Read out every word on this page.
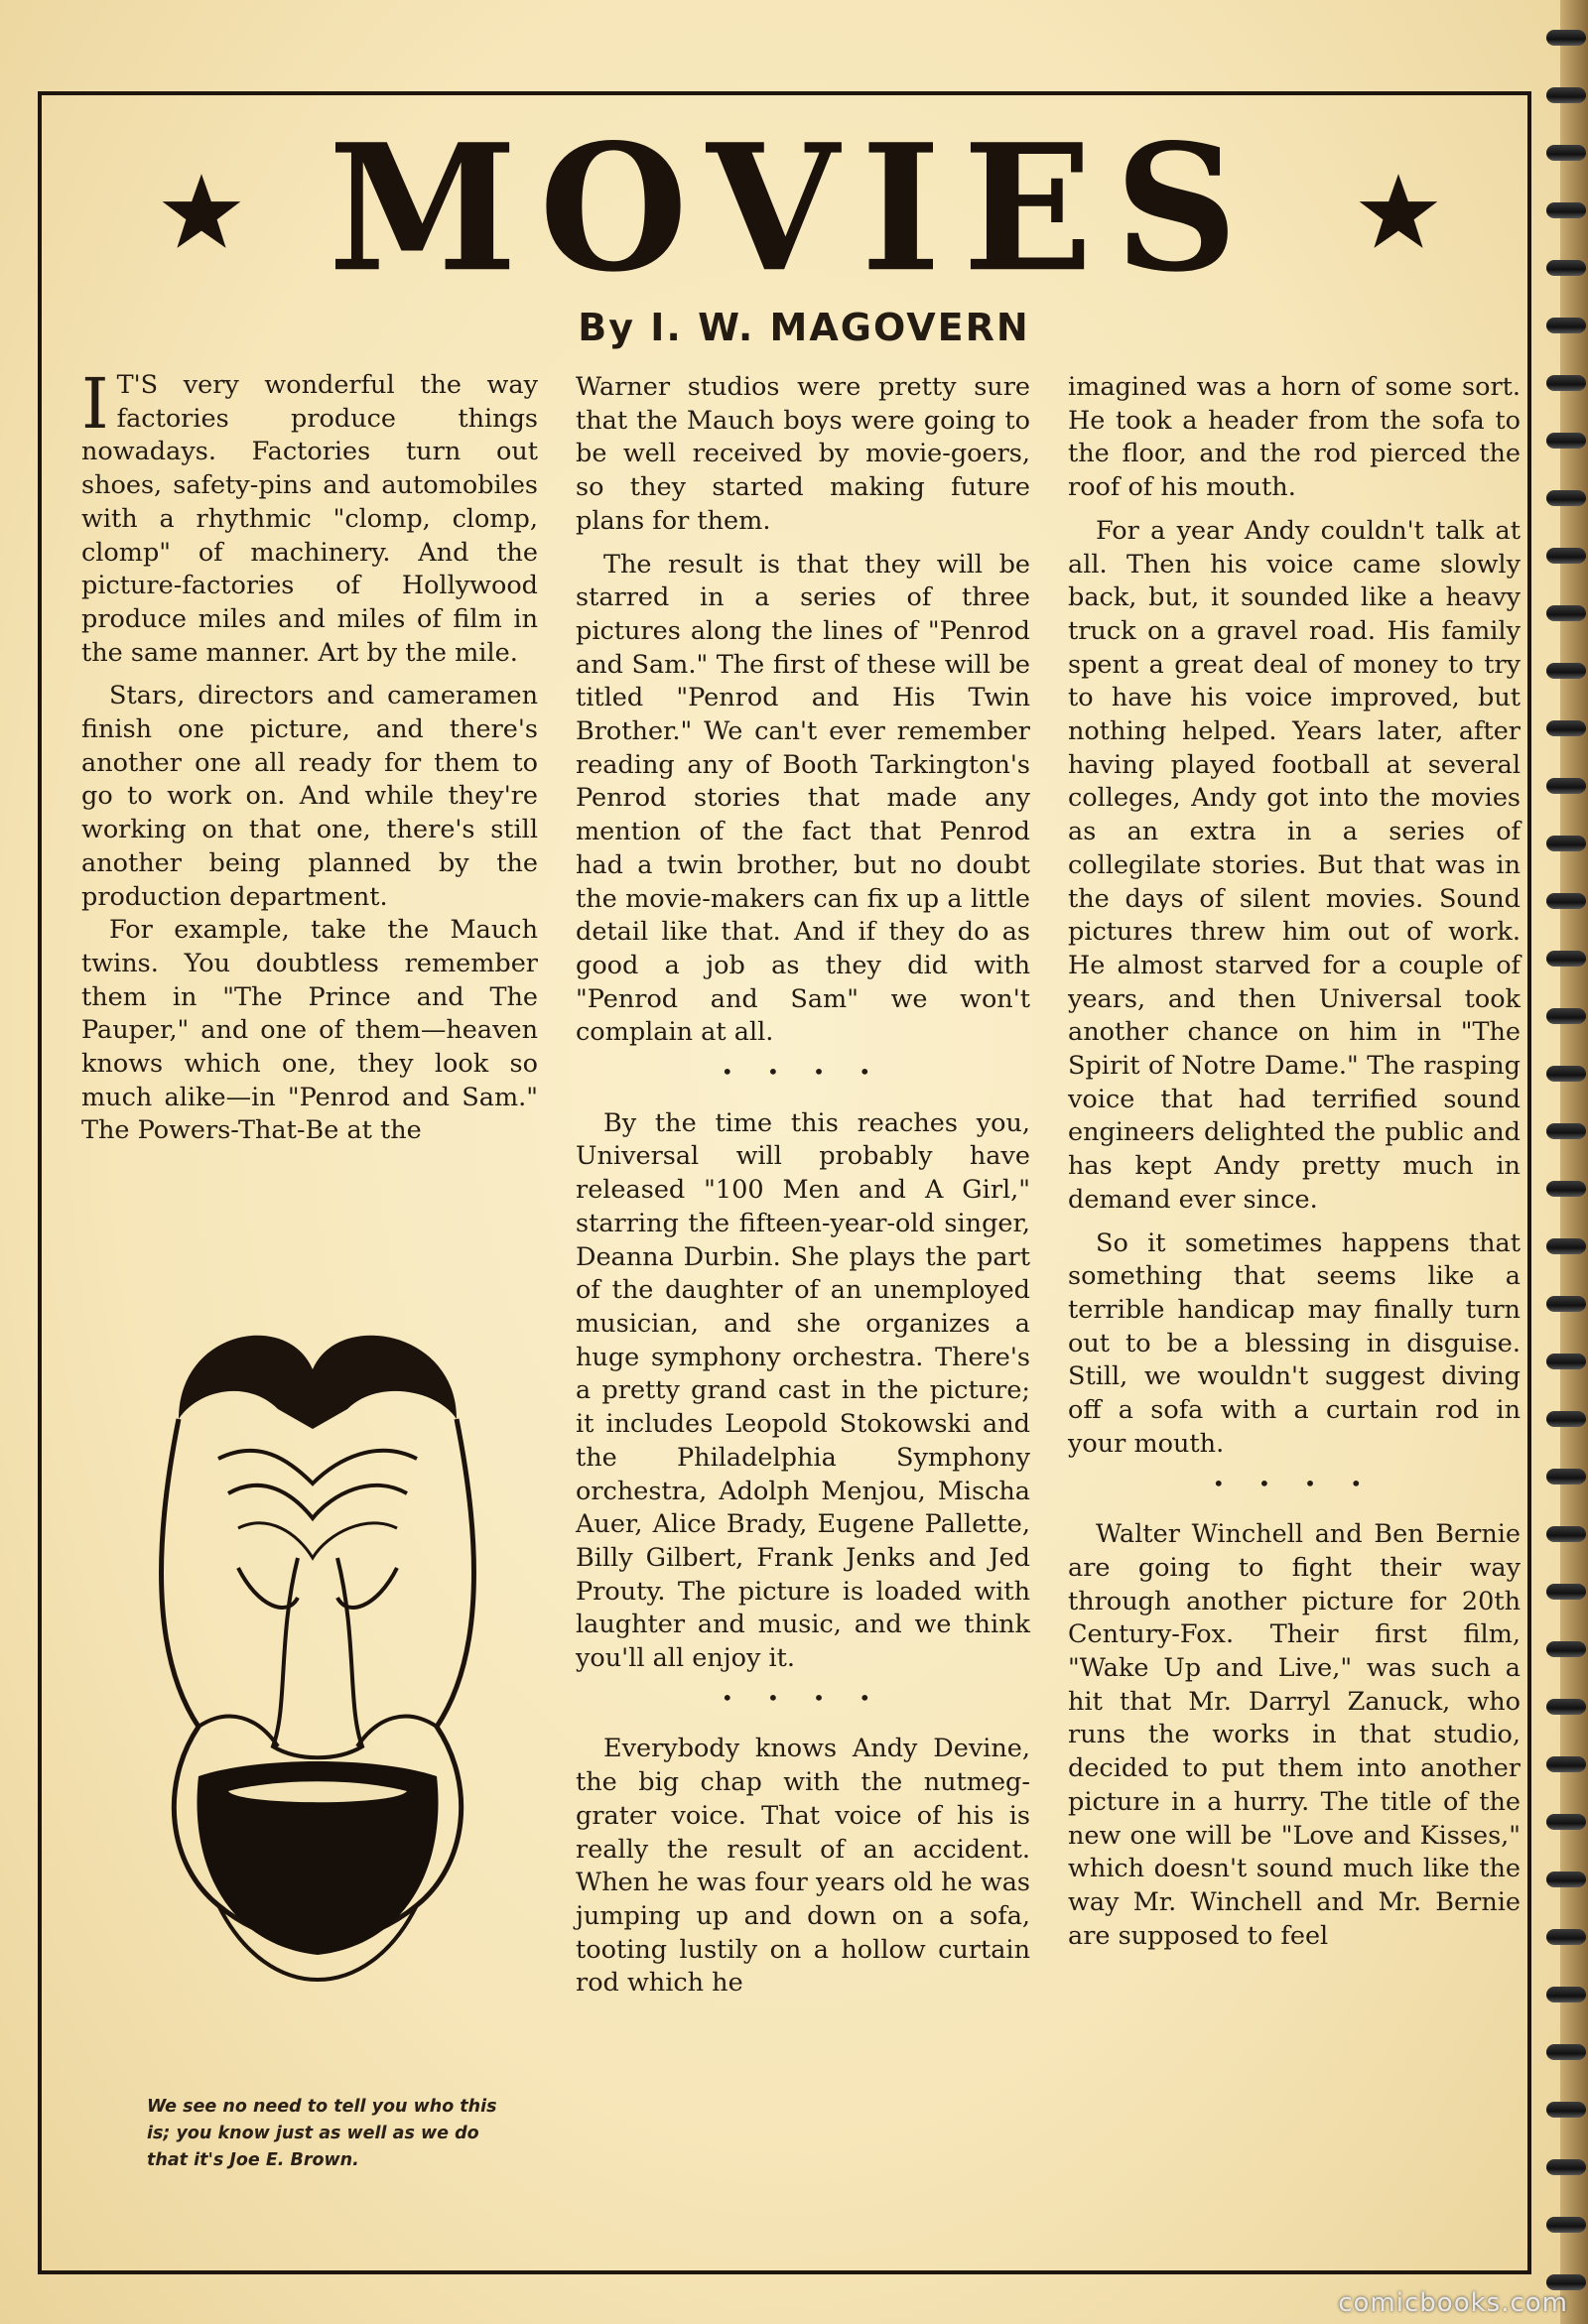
MOVIES
By I. W. MAGOVERN

I T'S very wonderful the way factories produce things nowadays. Factories turn out shoes, safety-pins and automobiles with a rhythmic "clomp, clomp, clomp" of machinery. And the picture-factories of Hollywood produce miles and miles of film in the same manner. Art by the mile.

Stars, directors and cameramen finish one picture, and there's another one all ready for them to go to work on. And while they're working on that one, there's still another being planned by the production department.

For example, take the Mauch twins. You doubtless remember them in "The Prince and The Pauper," and one of them—heaven knows which one, they look so much alike—in "Penrod and Sam." The Powers-That-Be at the

Warner studios were pretty sure that the Mauch boys were going to be well received by movie-goers, so they started making future plans for them.

The result is that they will be starred in a series of three pictures along the lines of "Penrod and Sam." The first of these will be titled "Penrod and His Twin Brother." We can't ever remember reading any of Booth Tarkington's Penrod stories that made any mention of the fact that Penrod had a twin brother, but no doubt the movie-makers can fix up a little detail like that. And if they do as good a job as they did with "Penrod and Sam" we won't complain at all.

• • • •

By the time this reaches you, Universal will probably have released "100 Men and A Girl," starring the fifteen-year-old singer, Deanna Durbin. She plays the part of the daughter of an unemployed musician, and she organizes a huge symphony orchestra. There's a pretty grand cast in the picture; it includes Leopold Stokowski and the Philadelphia Symphony orchestra, Adolph Menjou, Mischa Auer, Alice Brady, Eugene Pallette, Billy Gilbert, Frank Jenks and Jed Prouty. The picture is loaded with laughter and music, and we think you'll all enjoy it.

• • • •

Everybody knows Andy Devine, the big chap with the nutmeg-grater voice. That voice of his is really the result of an accident. When he was four years old he was jumping up and down on a sofa, tooting lustily on a hollow curtain rod which he

imagined was a horn of some sort. He took a header from the sofa to the floor, and the rod pierced the roof of his mouth.

For a year Andy couldn't talk at all. Then his voice came slowly back, but, it sounded like a heavy truck on a gravel road. His family spent a great deal of money to try to have his voice improved, but nothing helped. Years later, after having played football at several colleges, Andy got into the movies as an extra in a series of collegilate stories. But that was in the days of silent movies. Sound pictures threw him out of work. He almost starved for a couple of years, and then Universal took another chance on him in "The Spirit of Notre Dame." The rasping voice that had terrified sound engineers delighted the public and has kept Andy pretty much in demand ever since.

So it sometimes happens that something that seems like a terrible handicap may finally turn out to be a blessing in disguise. Still, we wouldn't suggest diving off a sofa with a curtain rod in your mouth.

• • • •

Walter Winchell and Ben Bernie are going to fight their way through another picture for 20th Century-Fox. Their first film, "Wake Up and Live," was such a hit that Mr. Darryl Zanuck, who runs the works in that studio, decided to put them into another picture in a hurry. The title of the new one will be "Love and Kisses," which doesn't sound much like the way Mr. Winchell and Mr. Bernie are supposed to feel

We see no need to tell you who this is; you know just as well as we do that it's Joe E. Brown.
comicbooks.com
